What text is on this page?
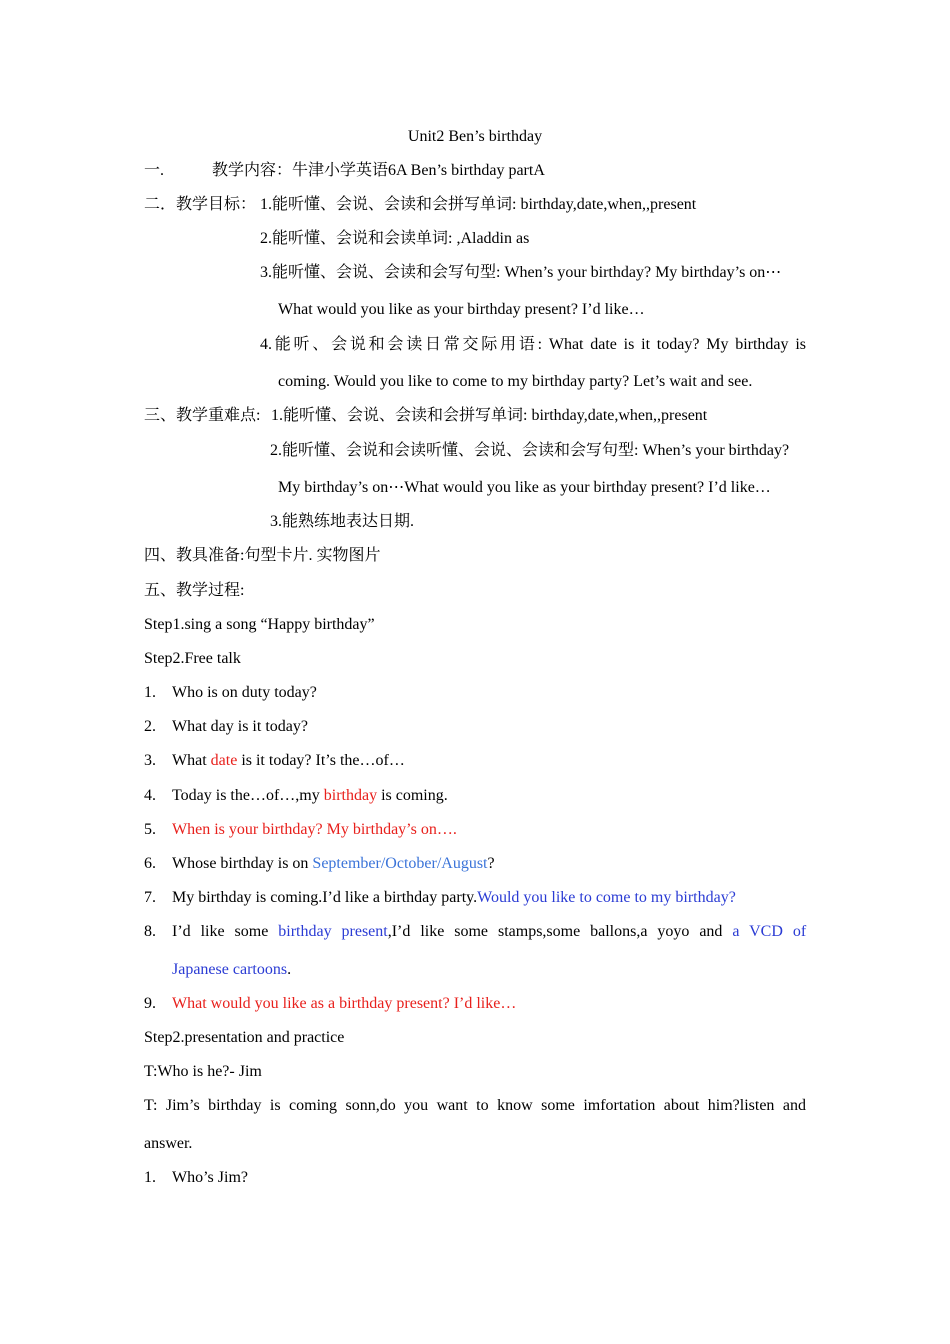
Unit2 Ben’s birthday
一.	教学内容：牛津小学英语6A Ben’s birthday partA
二．教学目标： 1.能听懂、会说、会读和会拼写单词: birthday,date,when,,present
2.能听懂、会说和会读单词: ,Aladdin as
3.能听懂、会说、会读和会写句型: When’s your birthday? My birthday’s on⋯
What would you like as your birthday present? I’d like…
4.能听、会说和会读日常交际用语: What date is it today? My birthday is
coming. Would you like to come to my birthday party? Let’s wait and see.
三、教学重难点: 1.能听懂、会说、会读和会拼写单词: birthday,date,when,,present
2.能听懂、会说和会读听懂、会说、会读和会写句型: When’s your birthday?
My birthday’s on⋯What would you like as your birthday present? I’d like…
3.能熟练地表达日期.
四、教具准备:句型卡片. 实物图片
五、教学过程:
Step1.sing a song “Happy birthday”
Step2.Free talk
1. Who is on duty today?
2. What day is it today?
3. What date is it today? It’s the…of…
4. Today is the…of…,my birthday is coming.
5. When is your birthday? My birthday’s on….
6. Whose birthday is on September/October/August?
7. My birthday is coming.I’d like a birthday party.Would you like to come to my birthday?
8. I’d like some birthday present,I’d like some stamps,some ballons,a yoyo and a VCD of
Japanese cartoons.
9. What would you like as a birthday present? I’d like…
Step2.presentation and practice
T:Who is he?- Jim
T: Jim’s birthday is coming sonn,do you want to know some imfortation about him?listen and
answer.
1. Who’s Jim?
